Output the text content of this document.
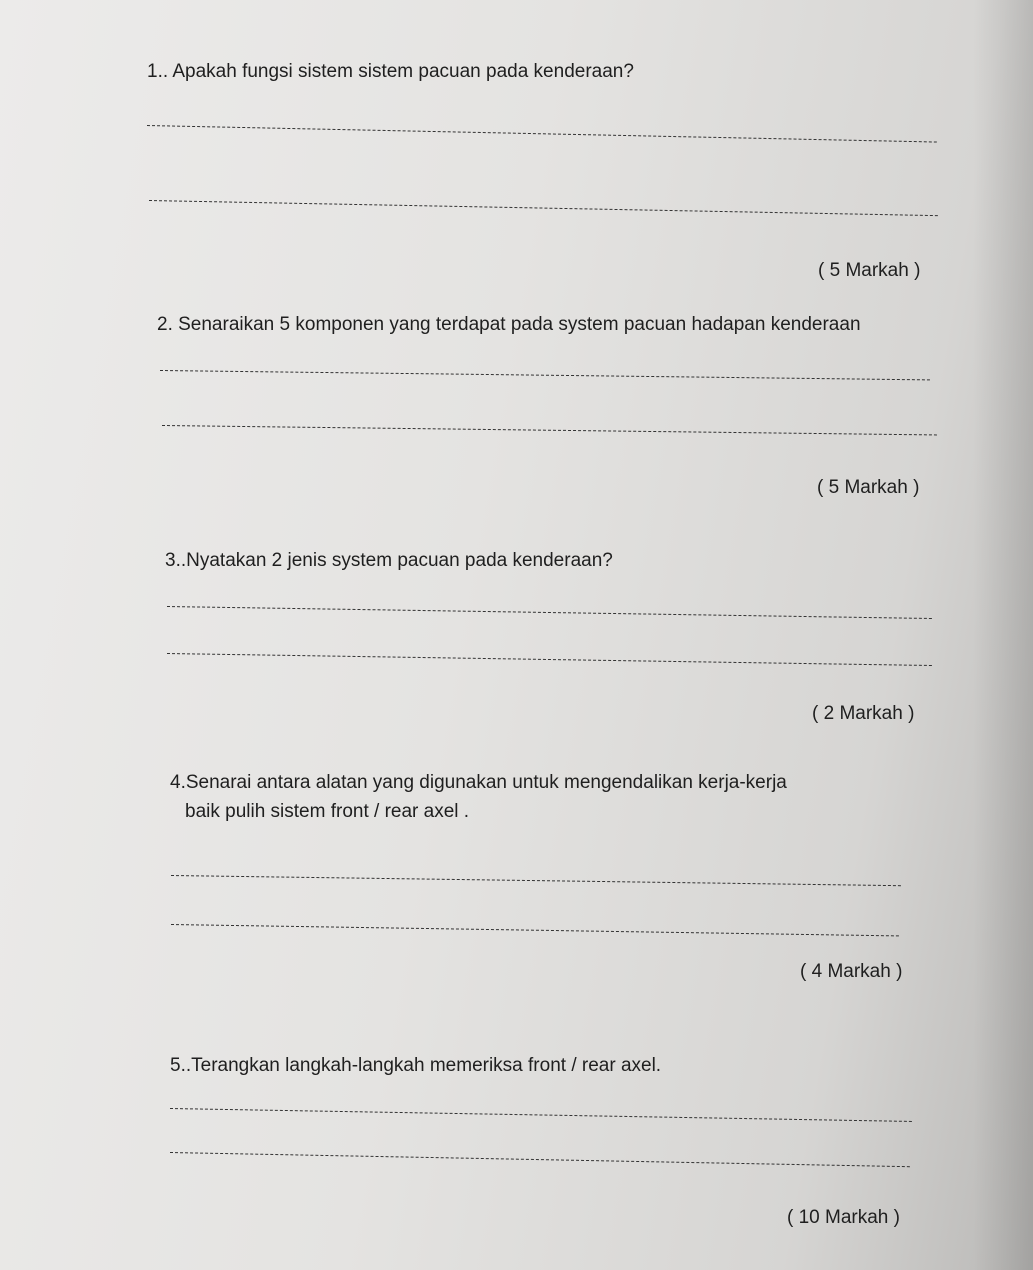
1.. Apakah fungsi sistem sistem pacuan pada kenderaan?
( 5 Markah )
2. Senaraikan 5 komponen yang terdapat pada system pacuan hadapan kenderaan
( 5 Markah )
3..Nyatakan 2 jenis system pacuan pada kenderaan?
( 2 Markah )
4.Senarai antara alatan yang digunakan untuk mengendalikan kerja-kerja
baik pulih sistem front / rear axel .
( 4 Markah )
5..Terangkan langkah-langkah memeriksa front / rear axel.
( 10 Markah )
